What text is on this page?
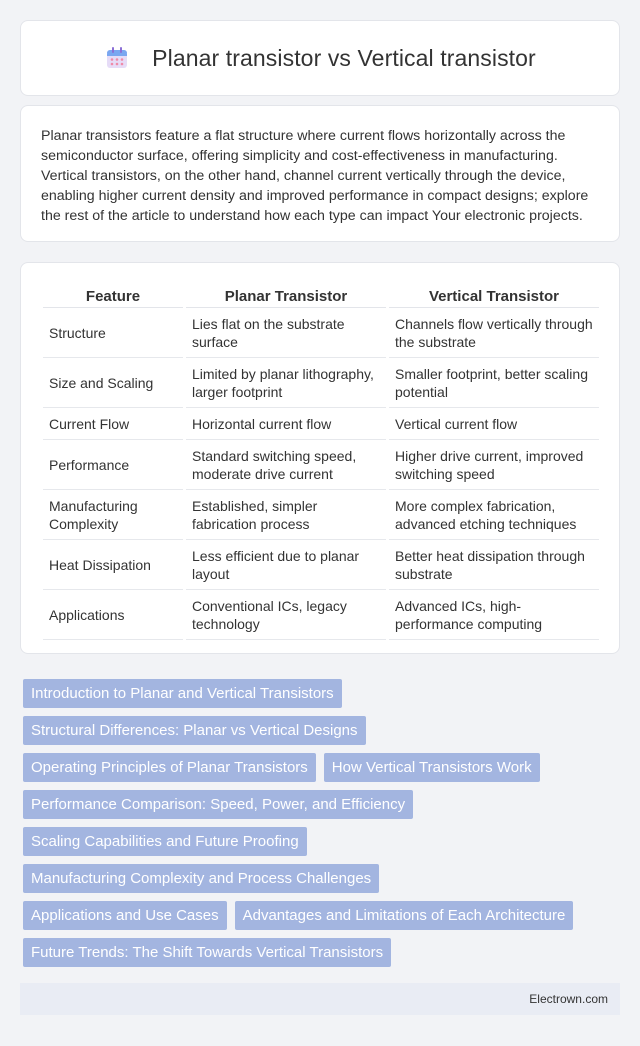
Planar transistor vs Vertical transistor

Planar transistors feature a flat structure where current flows horizontally across the semiconductor surface, offering simplicity and cost-effectiveness in manufacturing. Vertical transistors, on the other hand, channel current vertically through the device, enabling higher current density and improved performance in compact designs; explore the rest of the article to understand how each type can impact Your electronic projects.

Feature	Planar Transistor	Vertical Transistor
Structure	Lies flat on the substrate surface	Channels flow vertically through the substrate
Size and Scaling	Limited by planar lithography, larger footprint	Smaller footprint, better scaling potential
Current Flow	Horizontal current flow	Vertical current flow
Performance	Standard switching speed, moderate drive current	Higher drive current, improved switching speed
Manufacturing Complexity	Established, simpler fabrication process	More complex fabrication, advanced etching techniques
Heat Dissipation	Less efficient due to planar layout	Better heat dissipation through substrate
Applications	Conventional ICs, legacy technology	Advanced ICs, high-performance computing
Introduction to Planar and Vertical Transistors
Structural Differences: Planar vs Vertical Designs
Operating Principles of Planar Transistors	How Vertical Transistors Work
Performance Comparison: Speed, Power, and Efficiency
Scaling Capabilities and Future Proofing
Manufacturing Complexity and Process Challenges
Applications and Use Cases	Advantages and Limitations of Each Architecture
Future Trends: The Shift Towards Vertical Transistors
Electrown.com
